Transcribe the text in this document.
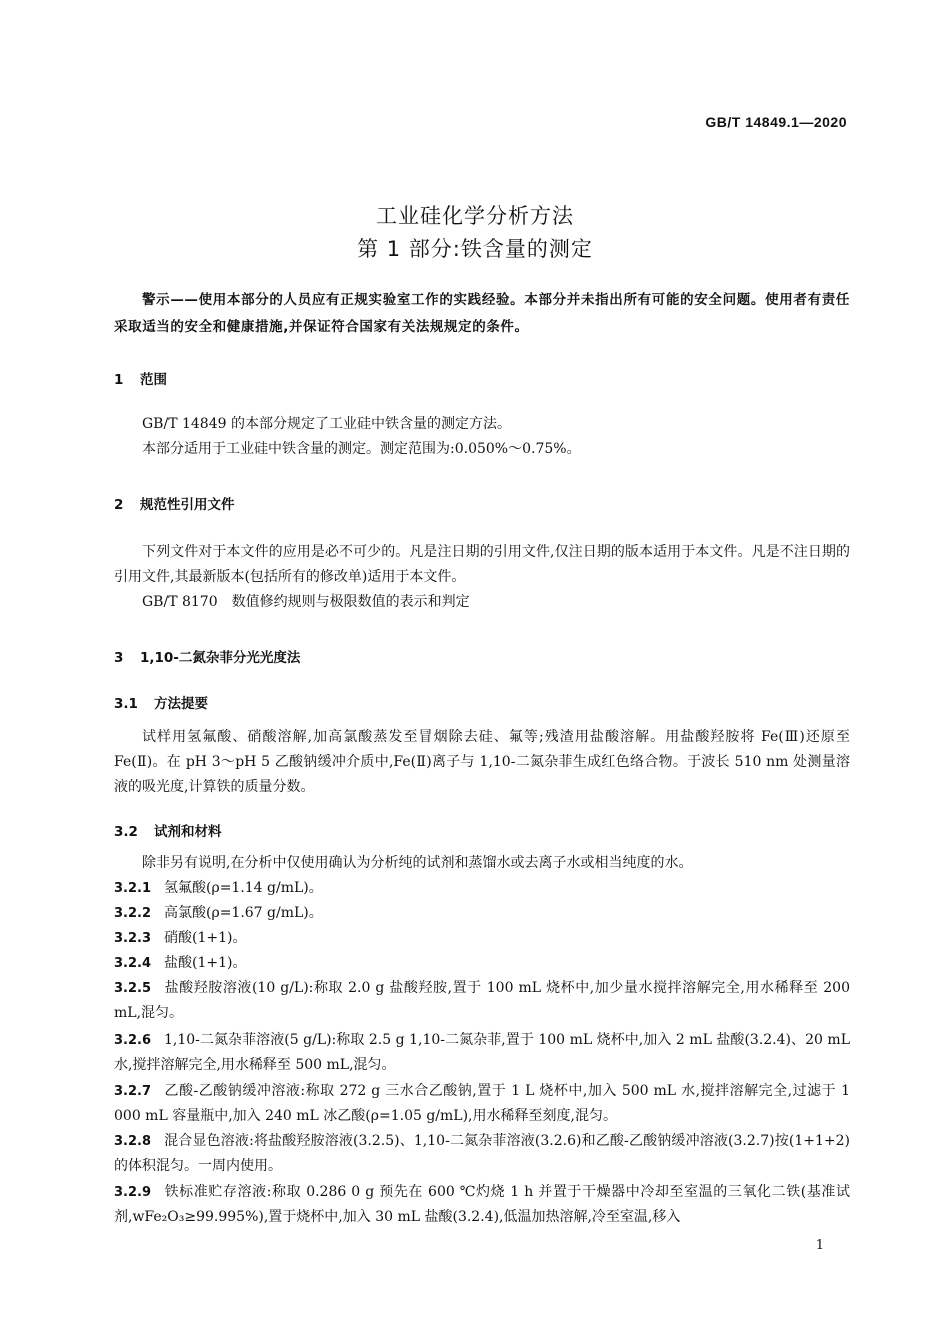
GB/T 14849.1—2020
工业硅化学分析方法
第 1 部分:铁含量的测定
警示——使用本部分的人员应有正规实验室工作的实践经验。本部分并未指出所有可能的安全问题。使用者有责任采取适当的安全和健康措施,并保证符合国家有关法规规定的条件。
1 范围
GB/T 14849 的本部分规定了工业硅中铁含量的测定方法。
本部分适用于工业硅中铁含量的测定。测定范围为:0.050%～0.75%。
2 规范性引用文件
下列文件对于本文件的应用是必不可少的。凡是注日期的引用文件,仅注日期的版本适用于本文件。凡是不注日期的引用文件,其最新版本(包括所有的修改单)适用于本文件。
GB/T 8170　数值修约规则与极限数值的表示和判定
3 1,10-二氮杂菲分光光度法
3.1 方法提要
试样用氢氟酸、硝酸溶解,加高氯酸蒸发至冒烟除去硅、氟等;残渣用盐酸溶解。用盐酸羟胺将 Fe(Ⅲ)还原至 Fe(Ⅱ)。在 pH 3～pH 5 乙酸钠缓冲介质中,Fe(Ⅱ)离子与 1,10-二氮杂菲生成红色络合物。于波长 510 nm 处测量溶液的吸光度,计算铁的质量分数。
3.2 试剂和材料
除非另有说明,在分析中仅使用确认为分析纯的试剂和蒸馏水或去离子水或相当纯度的水。
3.2.1 氢氟酸(ρ=1.14 g/mL)。
3.2.2 高氯酸(ρ=1.67 g/mL)。
3.2.3 硝酸(1+1)。
3.2.4 盐酸(1+1)。
3.2.5 盐酸羟胺溶液(10 g/L):称取 2.0 g 盐酸羟胺,置于 100 mL 烧杯中,加少量水搅拌溶解完全,用水稀释至 200 mL,混匀。
3.2.6 1,10-二氮杂菲溶液(5 g/L):称取 2.5 g 1,10-二氮杂菲,置于 100 mL 烧杯中,加入 2 mL 盐酸(3.2.4)、20 mL 水,搅拌溶解完全,用水稀释至 500 mL,混匀。
3.2.7 乙酸-乙酸钠缓冲溶液:称取 272 g 三水合乙酸钠,置于 1 L 烧杯中,加入 500 mL 水,搅拌溶解完全,过滤于 1 000 mL 容量瓶中,加入 240 mL 冰乙酸(ρ=1.05 g/mL),用水稀释至刻度,混匀。
3.2.8 混合显色溶液:将盐酸羟胺溶液(3.2.5)、1,10-二氮杂菲溶液(3.2.6)和乙酸-乙酸钠缓冲溶液(3.2.7)按(1+1+2)的体积混匀。一周内使用。
3.2.9 铁标准贮存溶液:称取 0.286 0 g 预先在 600 ℃灼烧 1 h 并置于干燥器中冷却至室温的三氧化二铁(基准试剂,wFe₂O₃≥99.995%),置于烧杯中,加入 30 mL 盐酸(3.2.4),低温加热溶解,冷至室温,移入
1
